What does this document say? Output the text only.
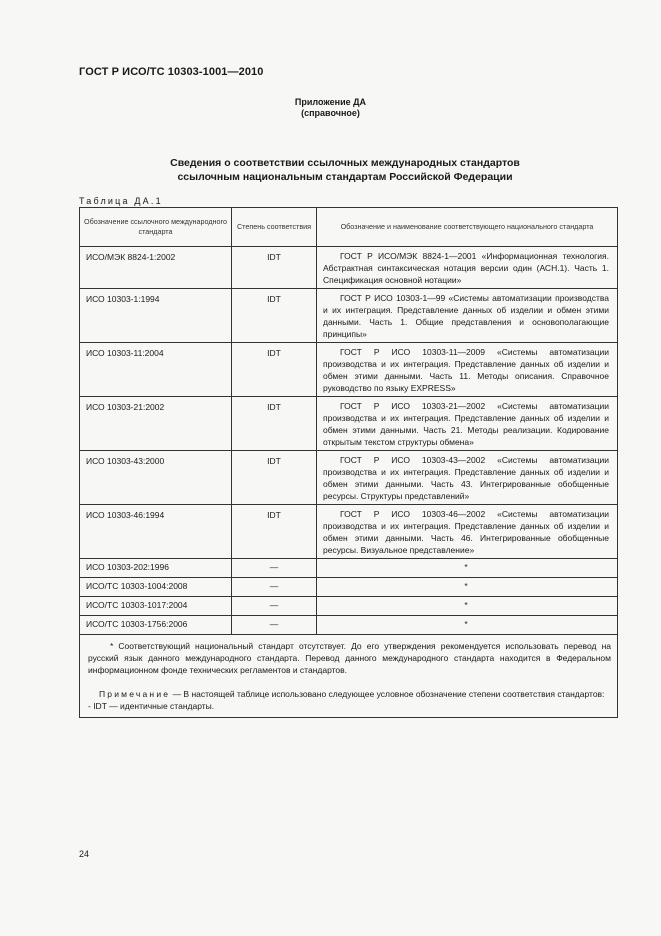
ГОСТ Р ИСО/ТС 10303-1001—2010
Приложение ДА
(справочное)
Сведения о соответствии ссылочных международных стандартов
ссылочным национальным стандартам Российской Федерации
Таблица ДА.1
Обозначение ссылочного международного стандарта	Степень соответствия	Обозначение и наименование соответствующего национального стандарта
ИСО/МЭК 8824-1:2002	IDT	ГОСТ Р ИСО/МЭК 8824-1—2001 «Информационная технология. Абстрактная синтаксическая нотация версии один (АСН.1). Часть 1. Спецификация основной нотации»
ИСО 10303-1:1994	IDT	ГОСТ Р ИСО 10303-1—99 «Системы автоматизации производства и их интеграция. Представление данных об изделии и обмен этими данными. Часть 1. Общие представления и основополагающие принципы»
ИСО 10303-11:2004	IDT	ГОСТ Р ИСО 10303-11—2009 «Системы автоматизации производства и их интеграция. Представление данных об изделии и обмен этими данными. Часть 11. Методы описания. Справочное руководство по языку EXPRESS»
ИСО 10303-21:2002	IDT	ГОСТ Р ИСО 10303-21—2002 «Системы автоматизации производства и их интеграция. Представление данных об изделии и обмен этими данными. Часть 21. Методы реализации. Кодирование открытым текстом структуры обмена»
ИСО 10303-43:2000	IDT	ГОСТ Р ИСО 10303-43—2002 «Системы автоматизации производства и их интеграция. Представление данных об изделии и обмен этими данными. Часть 43. Интегрированные обобщенные ресурсы. Структуры представлений»
ИСО 10303-46:1994	IDT	ГОСТ Р ИСО 10303-46—2002 «Системы автоматизации производства и их интеграция. Представление данных об изделии и обмен этими данными. Часть 46. Интегрированные обобщенные ресурсы. Визуальное представление»
ИСО 10303-202:1996	—	*
ИСО/ТС 10303-1004:2008	—	*
ИСО/ТС 10303-1017:2004	—	*
ИСО/ТС 10303-1756:2006	—	*

* Соответствующий национальный стандарт отсутствует. До его утверждения рекомендуется использовать перевод на русский язык данного международного стандарта. Перевод данного международного стандарта находится в Федеральном информационном фонде технических регламентов и стандартов.

Примечание — В настоящей таблице использовано следующее условное обозначение степени соответствия стандартов:

- IDT — идентичные стандарты.		

24
